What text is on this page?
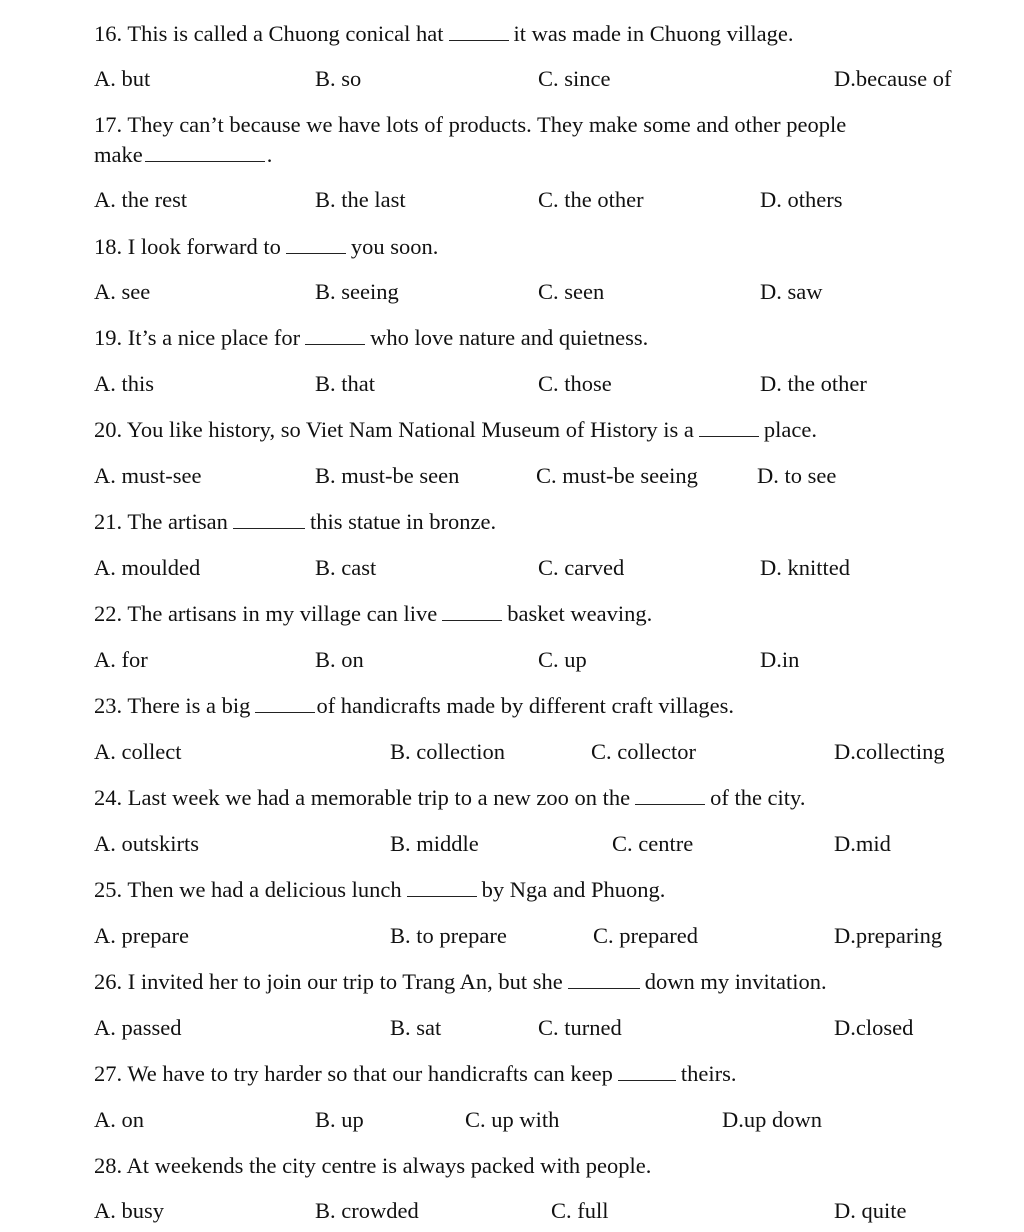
16. This is called a Chuong conical hat	it was made in Chuong village.
A. but	B. so	C. since	D.because of
17. They can’t because we have lots of products. They make some and other people
make	.
A. the rest	B. the last	C. the other	D. others
18. I look forward to	you soon.
A. see	B. seeing	C. seen	D. saw
19. It’s a nice place for	who love nature and quietness.
A. this	B. that	C. those	D. the other
20. You like history, so Viet Nam National Museum of History is a	place.
A. must-see	B. must-be seen	C. must-be seeing	D. to see
21. The artisan	this statue in bronze.
A. moulded	B. cast	C. carved	D. knitted
22. The artisans in my village can live	basket weaving.
A. for	B. on	C. up	D.in
23. There is a big	of handicrafts made by different craft villages.
A. collect	B. collection	C. collector	D.collecting
24. Last week we had a memorable trip to a new zoo on the	of the city.
A. outskirts	B. middle	C. centre	D.mid
25. Then we had a delicious lunch	by Nga and Phuong.
A. prepare	B. to prepare	C. prepared	D.preparing
26. I invited her to join our trip to Trang An, but she	down my invitation.
A. passed	B. sat	C. turned	D.closed
27. We have to try harder so that our handicrafts can keep	theirs.
A. on	B. up	C. up with	D.up down
28. At weekends the city centre is always packed with people.
A. busy	B. crowded	C. full	D. quite
